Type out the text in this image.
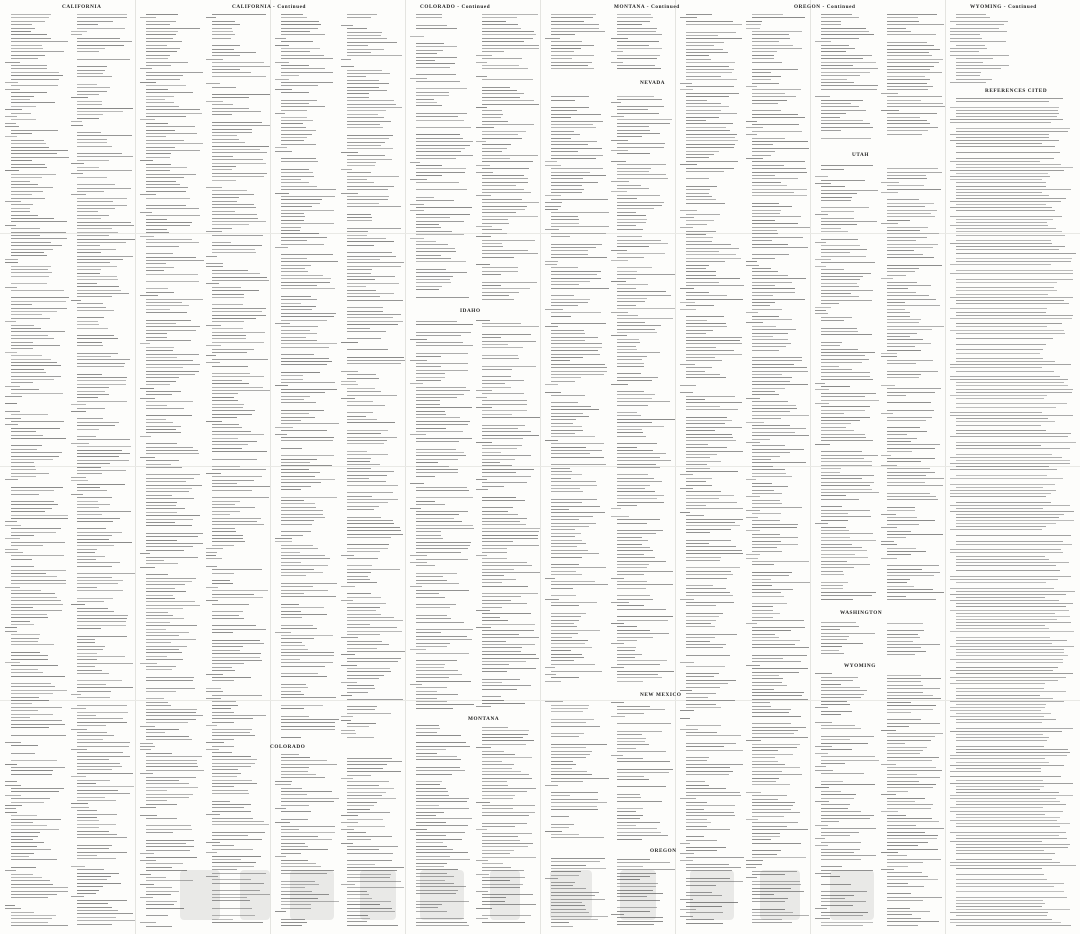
CALIFORNIA	CALIFORNIA - Continued	COLORADO - Continued	MONTANA - Continued	OREGON - Continued	WYOMING - Continued
REFERENCES CITED
NEVADA
UTAH
IDAHO
COLORADO
MONTANA
NEW MEXICO
OREGON
WASHINGTON
WYOMING
